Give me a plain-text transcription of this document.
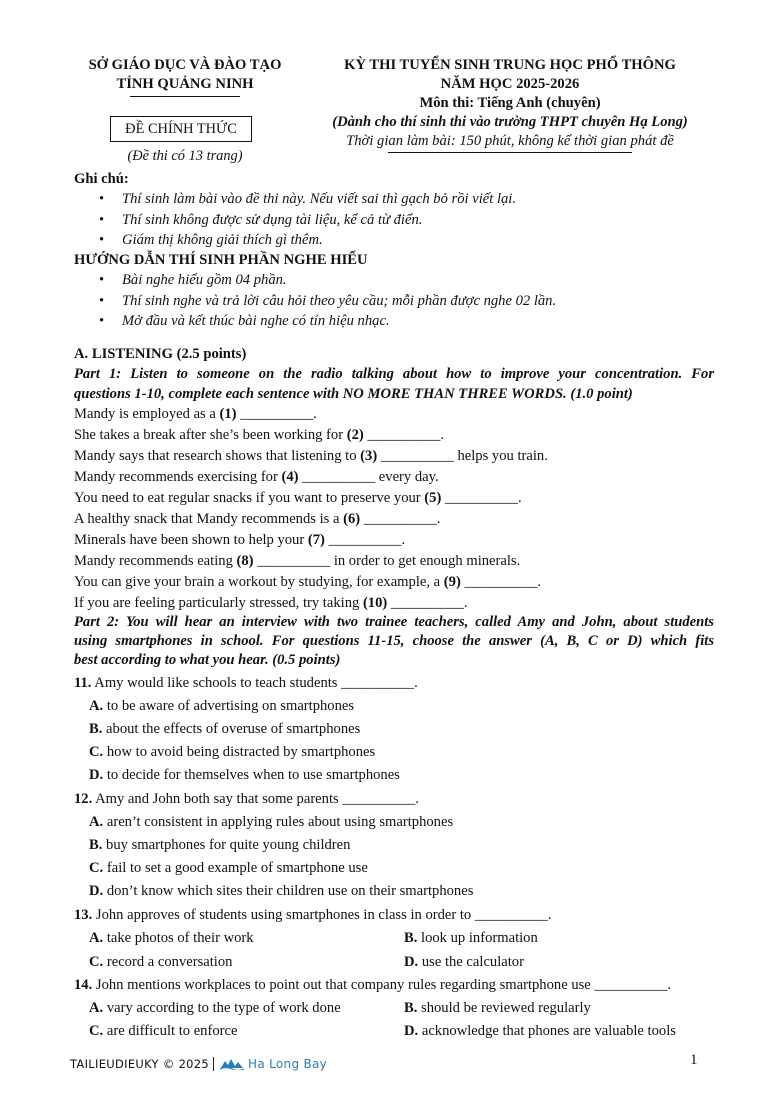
SỞ GIÁO DỤC VÀ ĐÀO TẠO
TỈNH QUẢNG NINH
ĐỀ CHÍNH THỨC
(Đề thi có 13 trang)
KỲ THI TUYỂN SINH TRUNG HỌC PHỔ THÔNG
NĂM HỌC 2025-2026
Môn thi: Tiếng Anh (chuyên)
(Dành cho thí sinh thi vào trường THPT chuyên Hạ Long)
Thời gian làm bài: 150 phút, không kể thời gian phát đề
Ghi chú:
• Thí sinh làm bài vào đề thi này. Nếu viết sai thì gạch bỏ rồi viết lại.
• Thí sinh không được sử dụng tài liệu, kể cả từ điển.
• Giám thị không giải thích gì thêm.
HƯỚNG DẪN THÍ SINH PHẦN NGHE HIỂU
• Bài nghe hiểu gồm 04 phần.
• Thí sinh nghe và trả lời câu hỏi theo yêu cầu; mỗi phần được nghe 02 lần.
• Mở đầu và kết thúc bài nghe có tín hiệu nhạc.
A. LISTENING (2.5 points)
Part 1: Listen to someone on the radio talking about how to improve your concentration. For
questions 1-10, complete each sentence with NO MORE THAN THREE WORDS. (1.0 point)
Mandy is employed as a (1) __________.
She takes a break after she’s been working for (2) __________.
Mandy says that research shows that listening to (3) __________ helps you train.
Mandy recommends exercising for (4) __________ every day.
You need to eat regular snacks if you want to preserve your (5) __________.
A healthy snack that Mandy recommends is a (6) __________.
Minerals have been shown to help your (7) __________.
Mandy recommends eating (8) __________ in order to get enough minerals.
You can give your brain a workout by studying, for example, a (9) __________.
If you are feeling particularly stressed, try taking (10) __________.
Part 2: You will hear an interview with two trainee teachers, called Amy and John, about students
using smartphones in school. For questions 11-15, choose the answer (A, B, C or D) which fits
best according to what you hear. (0.5 points)
11. Amy would like schools to teach students __________.
A. to be aware of advertising on smartphones
B. about the effects of overuse of smartphones
C. how to avoid being distracted by smartphones
D. to decide for themselves when to use smartphones
12. Amy and John both say that some parents __________.
A. aren’t consistent in applying rules about using smartphones
B. buy smartphones for quite young children
C. fail to set a good example of smartphone use
D. don’t know which sites their children use on their smartphones
13. John approves of students using smartphones in class in order to __________.
A. take photos of their work	B. look up information
C. record a conversation	D. use the calculator
14. John mentions workplaces to point out that company rules regarding smartphone use __________.
A. vary according to the type of work done	B. should be reviewed regularly
C. are difficult to enforce	D. acknowledge that phones are valuable tools
TAILIEUDIEUKY © 2025	Ha Long Bay	1
